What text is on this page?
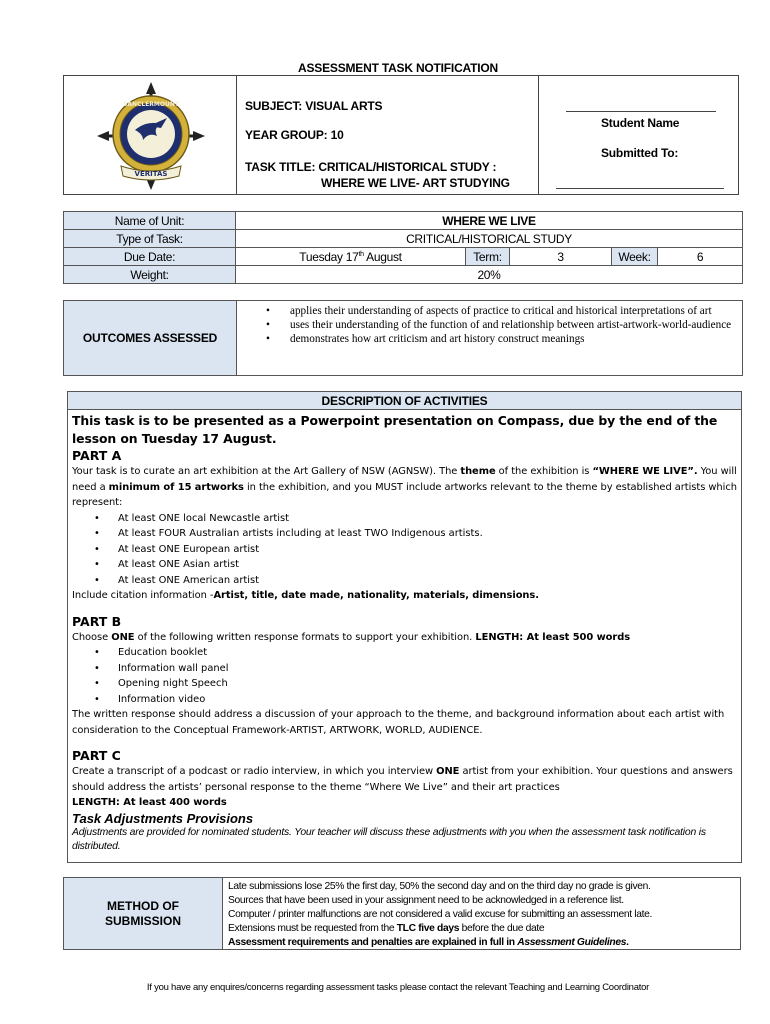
ASSESSMENT TASK NOTIFICATION
SANCLERMOUNT
VERITAS
SUBJECT: VISUAL ARTS
YEAR GROUP: 10
TASK TITLE: CRITICAL/HISTORICAL STUDY :
WHERE WE LIVE- ART STUDYING
Student Name
Submitted To:
Name of Unit:	WHERE WE LIVE				
Type of Task:	CRITICAL/HISTORICAL STUDY				
Due Date:	Tuesday 17th August	Term:	3	Week:	6
Weight:	20%				
OUTCOMES ASSESSED
• applies their understanding of aspects of practice to critical and historical interpretations of art
• uses their understanding of the function of and relationship between artist-artwork-world-audience
• demonstrates how art criticism and art history construct meanings
DESCRIPTION OF ACTIVITIES
This task is to be presented as a Powerpoint presentation on Compass, due by the end of the lesson on Tuesday 17 August.
PART A
Your task is to curate an art exhibition at the Art Gallery of NSW (AGNSW). The theme of the exhibition is “WHERE WE LIVE”. You will need a minimum of 15 artworks in the exhibition, and you MUST include artworks relevant to the theme by established artists which represent:
• At least ONE local Newcastle artist
• At least FOUR Australian artists including at least TWO Indigenous artists.
• At least ONE European artist
• At least ONE Asian artist
• At least ONE American artist
Include citation information -Artist, title, date made, nationality, materials, dimensions.
PART B
Choose ONE of the following written response formats to support your exhibition. LENGTH: At least 500 words
• Education booklet
• Information wall panel
• Opening night Speech
• Information video
The written response should address a discussion of your approach to the theme, and background information about each artist with consideration to the Conceptual Framework-ARTIST, ARTWORK, WORLD, AUDIENCE.
PART C
Create a transcript of a podcast or radio interview, in which you interview ONE artist from your exhibition. Your questions and answers should address the artists’ personal response to the theme “Where We Live” and their art practices
LENGTH: At least 400 words
Task Adjustments Provisions
Adjustments are provided for nominated students. Your teacher will discuss these adjustments with you when the assessment task notification is distributed.
METHOD OF SUBMISSION
Late submissions lose 25% the first day, 50% the second day and on the third day no grade is given.
Sources that have been used in your assignment need to be acknowledged in a reference list.
Computer / printer malfunctions are not considered a valid excuse for submitting an assessment late.
Extensions must be requested from the TLC five days before the due date
Assessment requirements and penalties are explained in full in Assessment Guidelines.
If you have any enquires/concerns regarding assessment tasks please contact the relevant Teaching and Learning Coordinator
